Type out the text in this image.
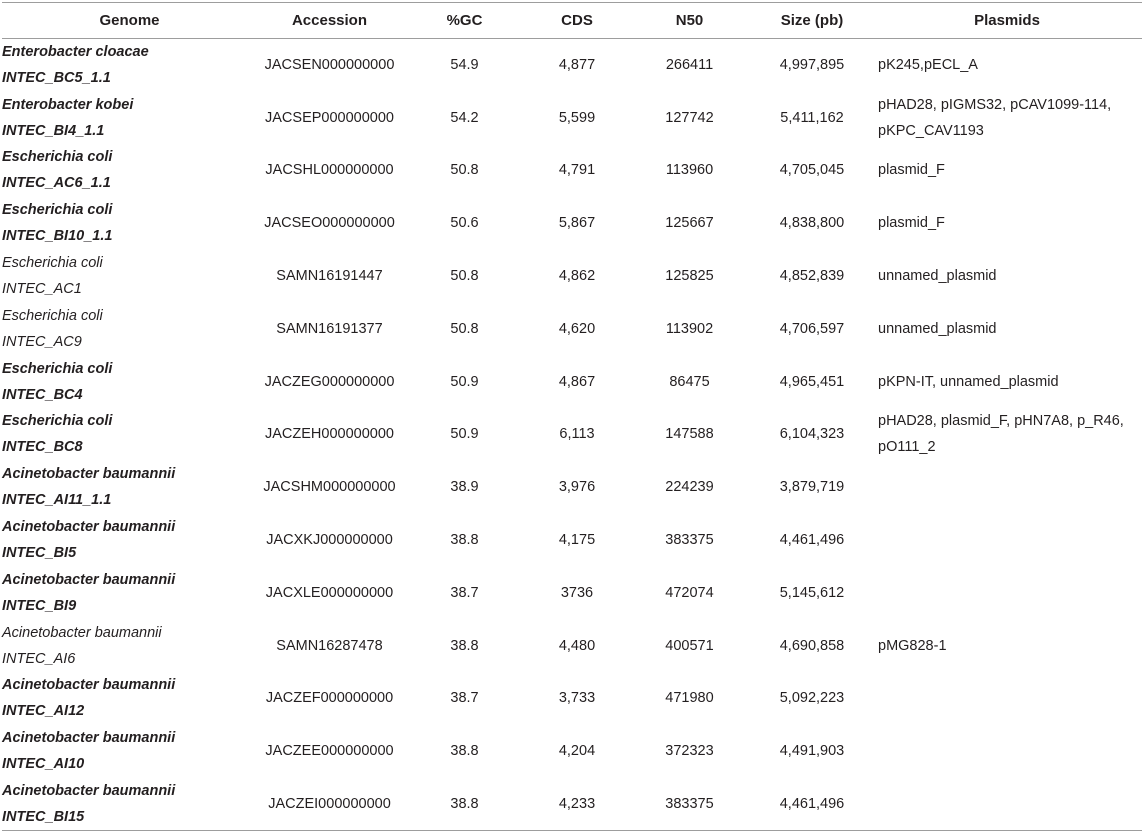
Genome	Accession	%GC	CDS	N50	Size (pb)	Plasmids

Enterobacter cloacae
INTEC_BC5_1.1	JACSEN000000000	54.9	4,877	266411	4,997,895	pK245,pECL_A

Enterobacter kobei
INTEC_BI4_1.1	JACSEP000000000	54.2	5,599	127742	5,411,162	pHAD28, pIGMS32, pCAV1099-114, pKPC_CAV1193

Escherichia coli
INTEC_AC6_1.1	JACSHL000000000	50.8	4,791	113960	4,705,045	plasmid_F

Escherichia coli
INTEC_BI10_1.1	JACSEO000000000	50.6	5,867	125667	4,838,800	plasmid_F

Escherichia coli
INTEC_AC1	SAMN16191447	50.8	4,862	125825	4,852,839	unnamed_plasmid

Escherichia coli
INTEC_AC9	SAMN16191377	50.8	4,620	113902	4,706,597	unnamed_plasmid

Escherichia coli
INTEC_BC4	JACZEG000000000	50.9	4,867	86475	4,965,451	pKPN-IT, unnamed_plasmid

Escherichia coli
INTEC_BC8	JACZEH000000000	50.9	6,113	147588	6,104,323	pHAD28, plasmid_F, pHN7A8, p_R46, pO111_2

Acinetobacter baumannii
INTEC_AI11_1.1	JACSHM000000000	38.9	3,976	224239	3,879,719	

Acinetobacter baumannii
INTEC_BI5	JACXKJ000000000	38.8	4,175	383375	4,461,496	

Acinetobacter baumannii
INTEC_BI9	JACXLE000000000	38.7	3736	472074	5,145,612	

Acinetobacter baumannii
INTEC_AI6	SAMN16287478	38.8	4,480	400571	4,690,858	pMG828-1

Acinetobacter baumannii
INTEC_AI12	JACZEF000000000	38.7	3,733	471980	5,092,223	

Acinetobacter baumannii
INTEC_AI10	JACZEE000000000	38.8	4,204	372323	4,491,903	

Acinetobacter baumannii
INTEC_BI15	JACZEI000000000	38.8	4,233	383375	4,461,496	
